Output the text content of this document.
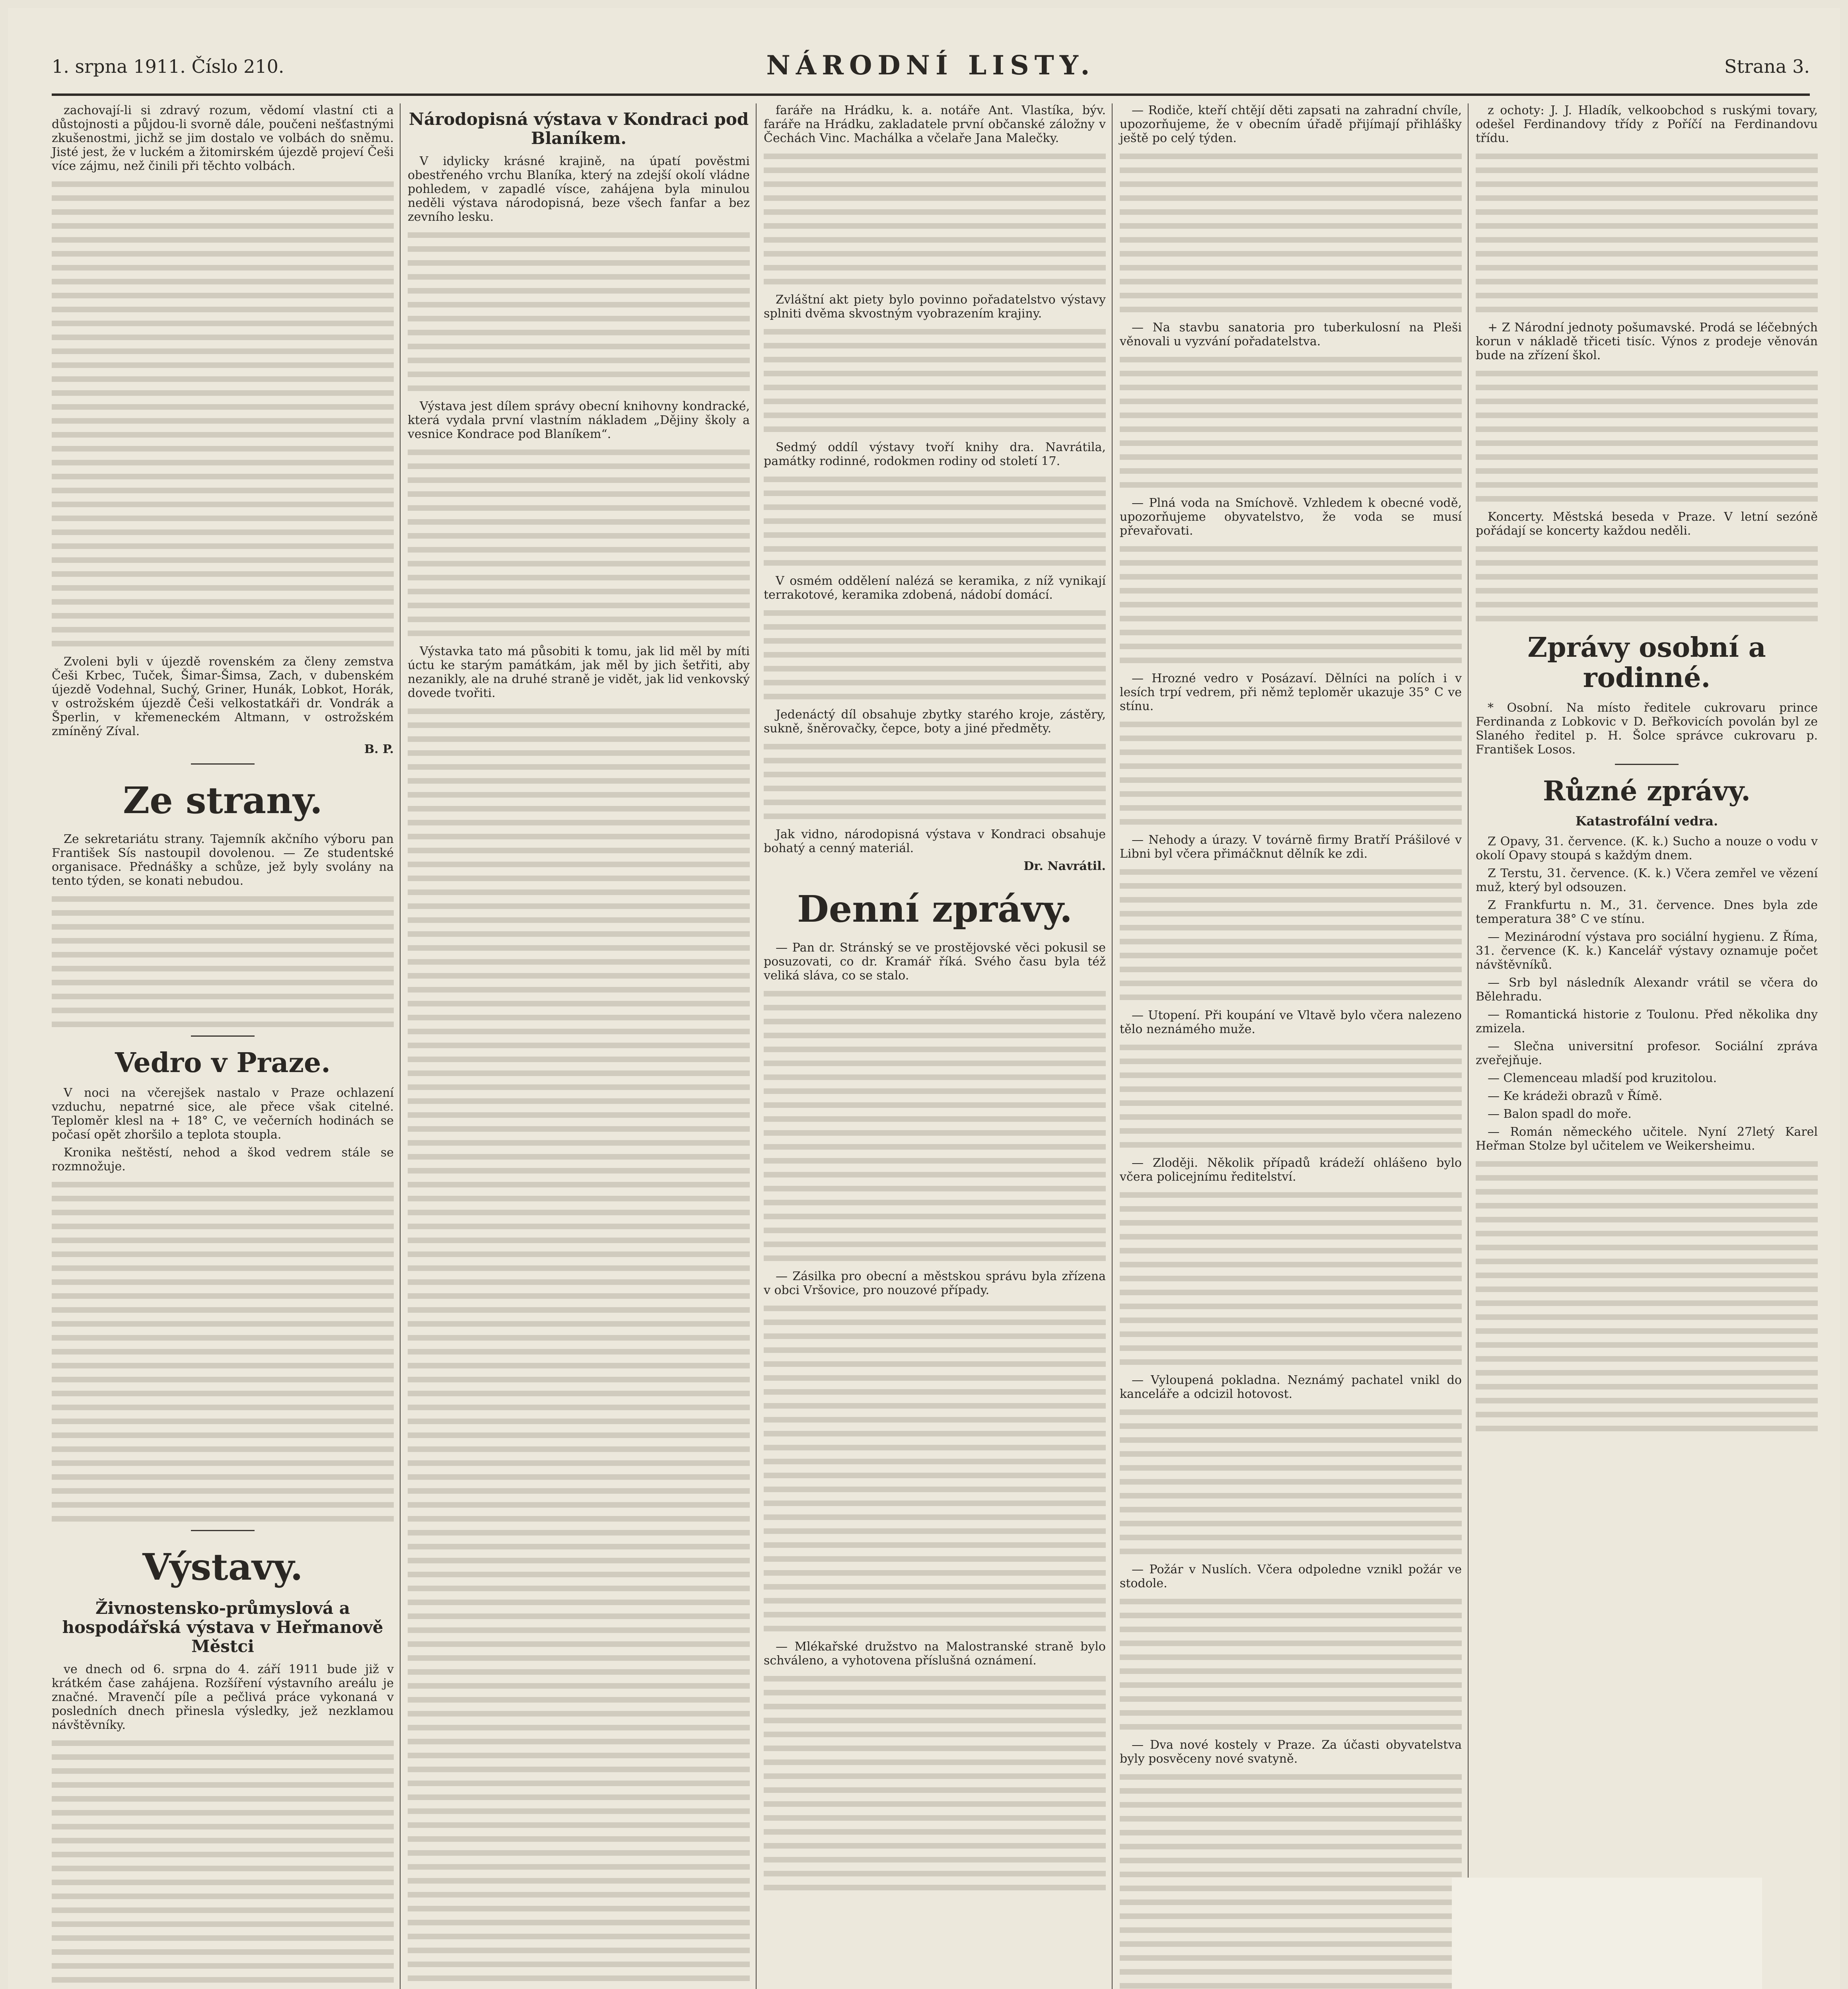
1. srpna 1911. Číslo 210.	NÁRODNÍ LISTY.	Strana 3.

zachovají-li si zdravý rozum, vědomí vlastní cti a důstojnosti a půjdou-li svorně dále, poučeni nešťastnými zkušenostmi, jichž se jim dostalo ve volbách do sněmu. Jisté jest, že v luckém a žitomirském újezdě projeví Češi více zájmu, než činili při těchto volbách.

Zvoleni byli v újezdě rovenském za členy zemstva Češi Krbec, Tuček, Šimar-Šimsa, Zach, v dubenském újezdě Vodehnal, Suchý, Griner, Hunák, Lobkot, Horák, v ostrožském újezdě Češi velkostatkáři dr. Vondrák a Šperlin, v křemeneckém Altmann, v ostrožském zmíněný Zíval.

B. P.
Ze strany.

Ze sekretariátu strany. Tajemník akčního výboru pan František Sís nastoupil dovolenou. — Ze studentské organisace. Přednášky a schůze, jež byly svolány na tento týden, se konati nebudou.

Vedro v Praze.

V noci na včerejšek nastalo v Praze ochlazení vzduchu, nepatrné sice, ale přece však citelné. Teploměr klesl na + 18° C, ve večerních hodinách se počasí opět zhoršilo a teplota stoupla.

Kronika neštěstí, nehod a škod vedrem stále se rozmnožuje.

Výstavy.
Živnostensko-průmyslová a hospodářská výstava v Heřmanově Městci

ve dnech od 6. srpna do 4. září 1911 bude již v krátkém čase zahájena. Rozšíření výstavního areálu je značné. Mravenčí píle a pečlivá práce vykonaná v posledních dnech přinesla výsledky, jež nezklamou návštěvníky.

Národopisná výstava v Kondraci pod Blaníkem.

V idylicky krásné krajině, na úpatí pověstmi obestřeného vrchu Blaníka, který na zdejší okolí vládne pohledem, v zapadlé vísce, zahájena byla minulou neděli výstava národopisná, beze všech fanfar a bez zevního lesku.

Výstava jest dílem správy obecní knihovny kondracké, která vydala první vlastním nákladem „Dějiny školy a vesnice Kondrace pod Blaníkem“.

Výstavka tato má působiti k tomu, jak lid měl by míti úctu ke starým památkám, jak měl by jich šetřiti, aby nezanikly, ale na druhé straně je vidět, jak lid venkovský dovede tvořiti.

faráře na Hrádku, k. a. notáře Ant. Vlastíka, býv. faráře na Hrádku, zakladatele první občanské záložny v Čechách Vinc. Machálka a včelaře Jana Malečky.

Zvláštní akt piety bylo povinno pořadatelstvo výstavy splniti dvěma skvostným vyobrazením krajiny.

Sedmý oddíl výstavy tvoří knihy dra. Navrátila, památky rodinné, rodokmen rodiny od století 17.

V osmém oddělení nalézá se keramika, z níž vynikají terrakotové, keramika zdobená, nádobí domácí.

Jedenáctý díl obsahuje zbytky starého kroje, zástěry, sukně, šněrovačky, čepce, boty a jiné předměty.

Jak vidno, národopisná výstava v Kondraci obsahuje bohatý a cenný materiál.

Dr. Navrátil.
Denní zprávy.

— Pan dr. Stránský se ve prostějovské věci pokusil se posuzovati, co dr. Kramář říká. Svého času byla též veliká sláva, co se stalo.

— Zásilka pro obecní a městskou správu byla zřízena v obci Vršovice, pro nouzové případy.

— Mlékařské družstvo na Malostranské straně bylo schváleno, a vyhotovena příslušná oznámení.

— Rodiče, kteří chtějí děti zapsati na zahradní chvíle, upozorňujeme, že v obecním úřadě přijímají přihlášky ještě po celý týden.

— Na stavbu sanatoria pro tuberkulosní na Pleši věnovali u vyzvání pořadatelstva.

— Plná voda na Smíchově. Vzhledem k obecné vodě, upozorňujeme obyvatelstvo, že voda se musí převařovati.

— Hrozné vedro v Posázaví. Dělníci na polích i v lesích trpí vedrem, při němž teploměr ukazuje 35° C ve stínu.

— Nehody a úrazy. V továrně firmy Bratří Prášilové v Libni byl včera přimáčknut dělník ke zdi.

— Utopení. Při koupání ve Vltavě bylo včera nalezeno tělo neznámého muže.

— Zloději. Několik případů krádeží ohlášeno bylo včera policejnímu ředitelství.

— Vyloupená pokladna. Neznámý pachatel vnikl do kanceláře a odcizil hotovost.

— Požár v Nuslích. Včera odpoledne vznikl požár ve stodole.

— Dva nové kostely v Praze. Za účasti obyvatelstva byly posvěceny nové svatyně.

z ochoty: J. J. Hladík, velkoobchod s ruskými tovary, odešel Ferdinandovy třídy z Poříčí na Ferdinandovu třídu.

+ Z Národní jednoty pošumavské. Prodá se léčebných korun v nákladě třiceti tisíc. Výnos z prodeje věnován bude na zřízení škol.

Koncerty. Městská beseda v Praze. V letní sezóně pořádají se koncerty každou neděli.

Zprávy osobní a rodinné.

* Osobní. Na místo ředitele cukrovaru prince Ferdinanda z Lobkovic v D. Beřkovicích povolán byl ze Slaného ředitel p. H. Šolce správce cukrovaru p. František Losos.

Různé zprávy.
Katastrofální vedra.

Z Opavy, 31. července. (K. k.) Sucho a nouze o vodu v okolí Opavy stoupá s každým dnem.

Z Terstu, 31. července. (K. k.) Včera zemřel ve vězení muž, který byl odsouzen.

Z Frankfurtu n. M., 31. července. Dnes byla zde temperatura 38° C ve stínu.

— Mezinárodní výstava pro sociální hygienu. Z Říma, 31. července (K. k.) Kancelář výstavy oznamuje počet návštěvníků.

— Srb byl následník Alexandr vrátil se včera do Bělehradu.

— Romantická historie z Toulonu. Před několika dny zmizela.

— Slečna universitní profesor. Sociální zpráva zveřejňuje.

— Clemenceau mladší pod kruzitolou.

— Ke krádeži obrazů v Římě.

— Balon spadl do moře.

— Román německého učitele. Nyní 27letý Karel Heřman Stolze byl učitelem ve Weikersheimu.
